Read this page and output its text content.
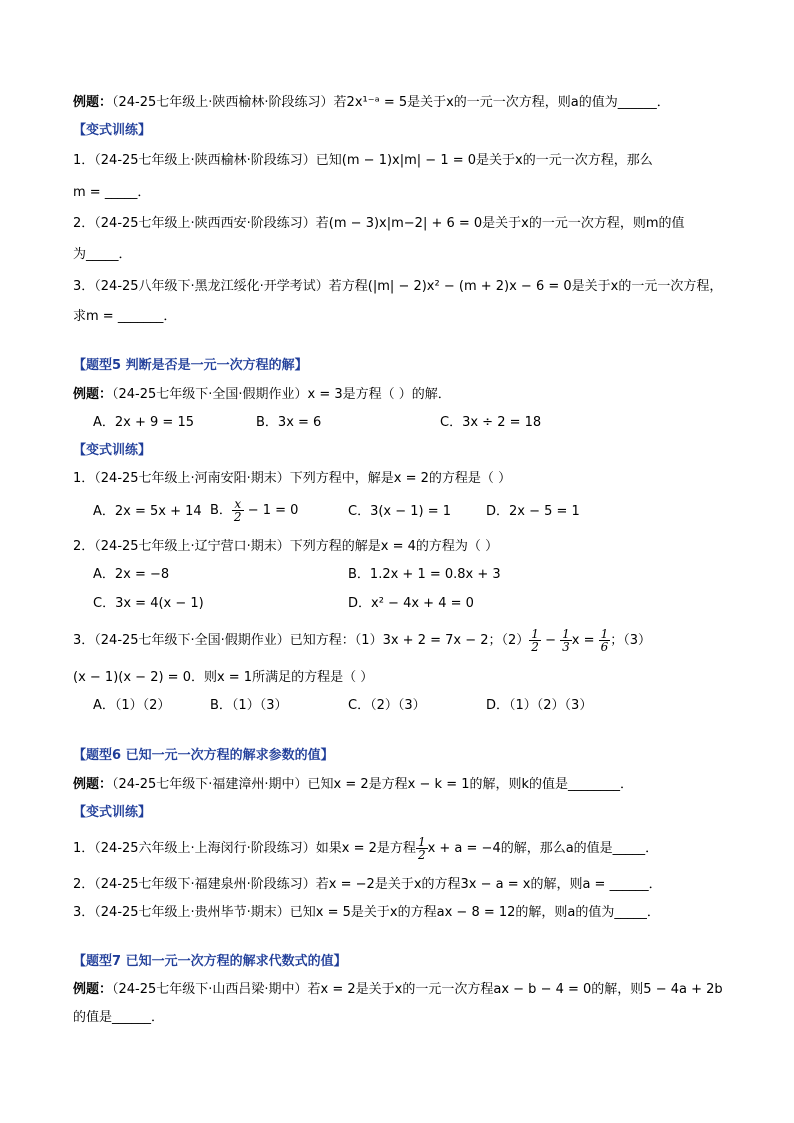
例题：（24-25七年级上·陕西榆林·阶段练习）若2x¹⁻ᵃ = 5是关于x的一元一次方程，则a的值为______．
【变式训练】
1．（24-25七年级上·陕西榆林·阶段练习）已知(m − 1)x|m| − 1 = 0是关于x的一元一次方程，那么
m = _____．
2．（24-25七年级上·陕西西安·阶段练习）若(m − 3)x|m−2| + 6 = 0是关于x的一元一次方程，则m的值
为_____．
3．（24-25八年级下·黑龙江绥化·开学考试）若方程(|m| − 2)x² − (m + 2)x − 6 = 0是关于x的一元一次方程，
求m = _______．
【题型5 判断是否是一元一次方程的解】
例题：（24-25七年级下·全国·假期作业）x = 3是方程（ ）的解．
A．2x + 9 = 15	B．3x = 6	C．3x ÷ 2 = 18
【变式训练】
1．（24-25七年级上·河南安阳·期末）下列方程中，解是x = 2的方程是（ ）
A．2x = 5x + 14 B． $\frac{x}{2} - 1 = 0$	C．3(x − 1) = 1	D．2x − 5 = 1
2．（24-25七年级上·辽宁营口·期末）下列方程的解是x = 4的方程为（ ）
A．2x = −8	B．1.2x + 1 = 0.8x + 3
C．3x = 4(x − 1)	D．x² − 4x + 4 = 0
3．（24-25七年级下·全国·假期作业）已知方程：（1）3x + 2 = 7x − 2；$(2) \frac{1}{2} - \frac{1}{3}$ $x = \frac{1}{6}$ ；（3）
(x − 1)(x − 2) = 0．则x = 1所满足的方程是（ ）
A．（1）（2）	B．（1）（3）	C．（2）（3）	D．（1）（2）（3）
【题型6 已知一元一次方程的解求参数的值】
例题：（24-25七年级下·福建漳州·期中）已知x = 2是方程x − k = 1的解，则k的值是________．
【变式训练】
1．（24-25六年级上·上海闵行·阶段练习）如果x = 2是方程 $\frac{1}{2}$ x + a = −4的解，那么a的值是_____．
2．（24-25七年级下·福建泉州·阶段练习）若x = −2是关于x的方程3x − a = x的解，则a = ______．
3．（24-25七年级上·贵州毕节·期末）已知x = 5是关于x的方程ax − 8 = 12的解，则a的值为_____．
【题型7 已知一元一次方程的解求代数式的值】
例题：（24-25七年级下·山西吕梁·期中）若x = 2是关于x的一元一次方程ax − b − 4 = 0的解，则5 − 4a + 2b
的值是______．
